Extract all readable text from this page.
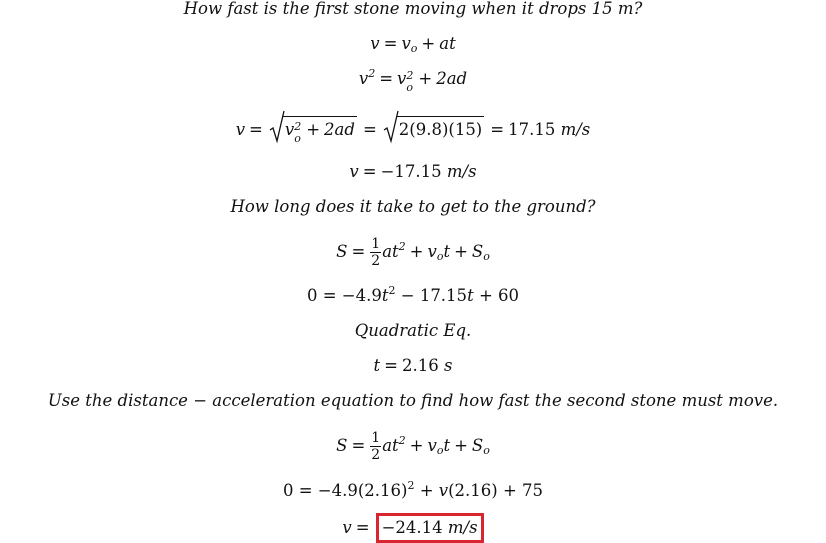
How fast is the first stone moving when it drops 15 m?
$v = v_o$ + at
$v^2 = v$ 2
o + 2ad
v = v 2
o + 2ad = 2(9.8)(15) = 17.15 m/s
v = −17.15 m/s
How long does it take to get to the ground?
$S = \frac{1}{2} at^2 + v_ot + S_o$
$0 = -4.9t^2 - 17.15t + 60$
Quadratic Eq.
t = 2.16 s
Use the distance − acceleration equation to find how fast the second stone must move.
$S = \frac{1}{2} at^2 + v_ot + S_o$
$0 = -4.9(2.16)^2 + v(2.16) + 75$
v = −24.14 m/s
